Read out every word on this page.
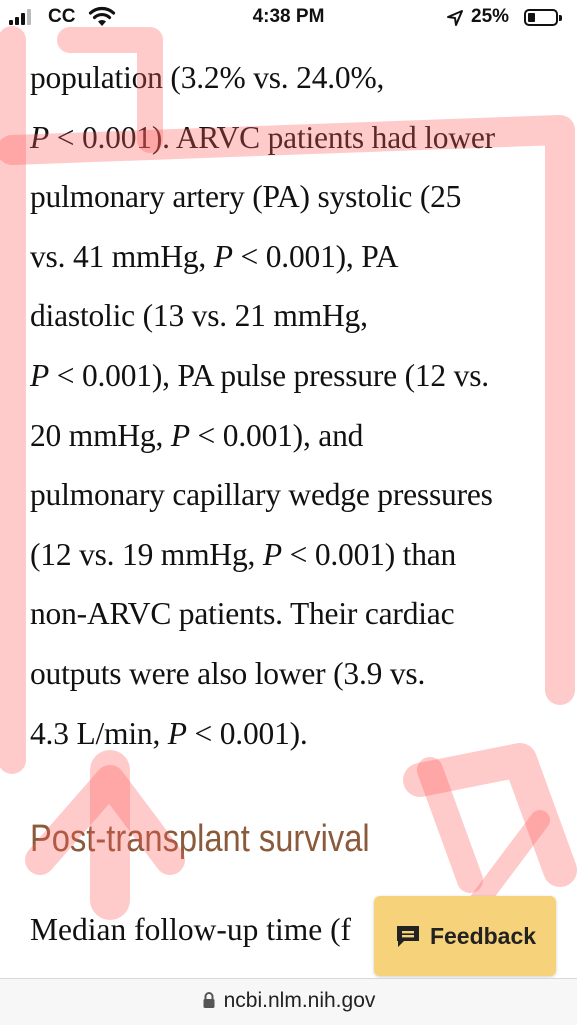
CC	4:38 PM	25%

population (3.2% vs. 24.0%,
P < 0.001). ARVC patients had lower
pulmonary artery (PA) systolic (25
vs. 41 mmHg, P < 0.001), PA
diastolic (13 vs. 21 mmHg,
P < 0.001), PA pulse pressure (12 vs.
20 mmHg, P < 0.001), and
pulmonary capillary wedge pressures
(12 vs. 19 mmHg, P < 0.001) than
non-ARVC patients. Their cardiac
outputs were also lower (3.9 vs.
4.3 L/min, P < 0.001).

Post-transplant survival

Median follow-up time (f	Feedback
ncbi.nlm.nih.gov
